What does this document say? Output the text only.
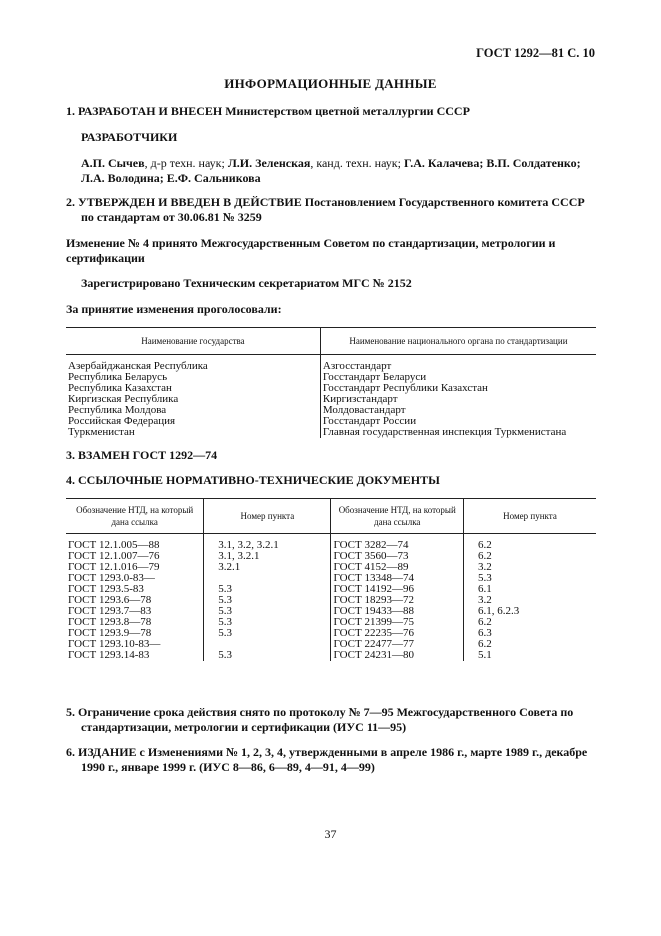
ГОСТ 1292—81 С. 10
ИНФОРМАЦИОННЫЕ ДАННЫЕ
1. РАЗРАБОТАН И ВНЕСЕН Министерством цветной металлургии СССР
РАЗРАБОТЧИКИ
А.П. Сычев, д-р техн. наук; Л.И. Зеленская, канд. техн. наук; Г.А. Калачева; В.П. Солдатенко; Л.А. Володина; Е.Ф. Сальникова
2. УТВЕРЖДЕН И ВВЕДЕН В ДЕЙСТВИЕ Постановлением Государственного комитета СССР по стандартам от 30.06.81 № 3259
Изменение № 4 принято Межгосударственным Советом по стандартизации, метрологии и сертификации
Зарегистрировано Техническим секретариатом МГС № 2152
За принятие изменения проголосовали:
Наименование государства	Наименование национального органа по стандартизации

Азербайджанская Республика	Азгосстандарт
Республика Беларусь	Госстандарт Беларуси
Республика Казахстан	Госстандарт Республики Казахстан
Киргизская Республика	Киргизстандарт
Республика Молдова	Молдовастандарт
Российская Федерация	Госстандарт России
Туркменистан	Главная государственная инспекция Туркменистана
3. ВЗАМЕН ГОСТ 1292—74
4. ССЫЛОЧНЫЕ НОРМАТИВНО-ТЕХНИЧЕСКИЕ ДОКУМЕНТЫ
Обозначение НТД, на который дана ссылка	Номер пункта	Обозначение НТД, на который дана ссылка	Номер пункта

ГОСТ 12.1.005—88	3.1, 3.2, 3.2.1	ГОСТ 3282—74	6.2
ГОСТ 12.1.007—76	3.1, 3.2.1	ГОСТ 3560—73	6.2
ГОСТ 12.1.016—79	3.2.1	ГОСТ 4152—89	3.2
ГОСТ 1293.0-83—		ГОСТ 13348—74	5.3
ГОСТ 1293.5-83	5.3	ГОСТ 14192—96	6.1
ГОСТ 1293.6—78	5.3	ГОСТ 18293—72	3.2
ГОСТ 1293.7—83	5.3	ГОСТ 19433—88	6.1, 6.2.3
ГОСТ 1293.8—78	5.3	ГОСТ 21399—75	6.2
ГОСТ 1293.9—78	5.3	ГОСТ 22235—76	6.3
ГОСТ 1293.10-83—		ГОСТ 22477—77	6.2
ГОСТ 1293.14-83	5.3	ГОСТ 24231—80	5.1
5. Ограничение срока действия снято по протоколу № 7—95 Межгосударственного Совета по стандартизации, метрологии и сертификации (ИУС 11—95)
6. ИЗДАНИЕ с Изменениями № 1, 2, 3, 4, утвержденными в апреле 1986 г., марте 1989 г., декабре 1990 г., январе 1999 г. (ИУС 8—86, 6—89, 4—91, 4—99)
37
